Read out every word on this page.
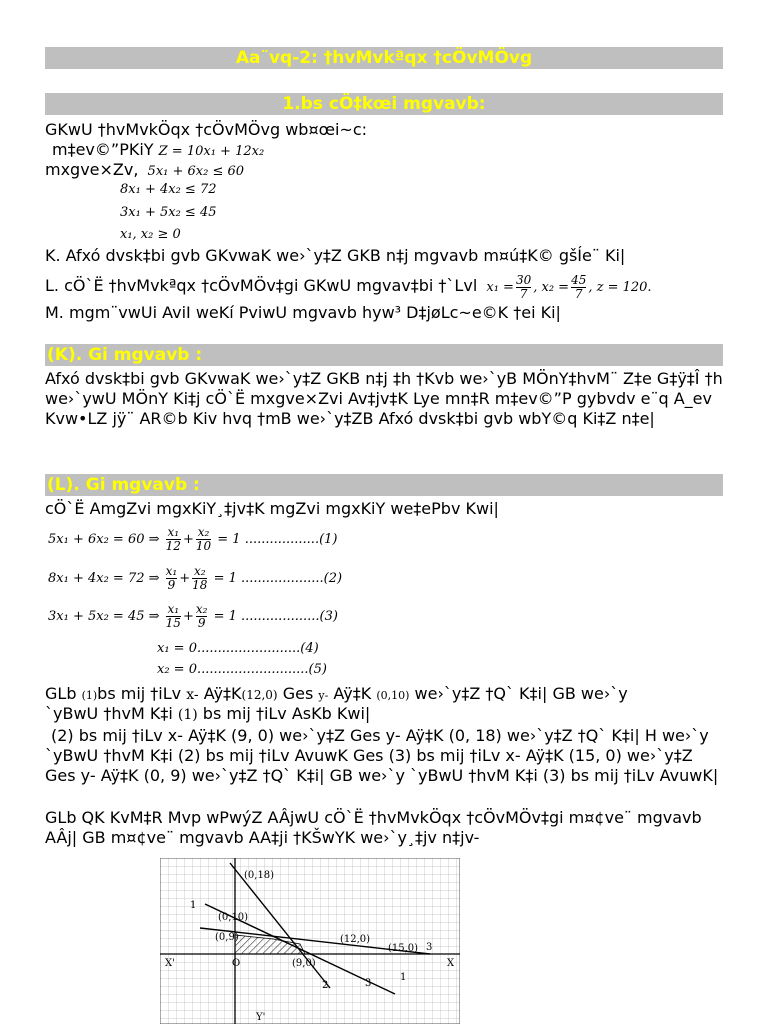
Aa¨vq-2: †hvMvkªqx †cÖvMÖvg
1.bs cÖ‡kœi mgvavb:
GKwU †hvMvkÖqx †cÖvMÖvg wb¤œi~c:
m‡ev©”PKiY Z = 10x₁ + 12x₂
mxgve×Zv, 5x₁ + 6x₂ ≤ 60
8x₁ + 4x₂ ≤ 72
3x₁ + 5x₂ ≤ 45
x₁, x₂ ≥ 0
K. Afxó dvsk‡bi gvb GKvwaK we›`y‡Z GKB n‡j mgvavb m¤ú‡K© gšÍe¨ Ki|
L. cÖ`Ë †hvMvkªqx †cÖvMÖv‡gi GKwU mgvav‡bi †`Lvl $x_1 = \frac{30}{7}$ , $x_2 = \frac{45}{7}$ , z = 120.
M. mgm¨vwUi AviI weKí PviwU mgvavb hyw³ D‡jøLc~e©K †ei Ki|
(K). Gi mgvavb :
Afxó dvsk‡bi gvb GKvwaK we›`y‡Z GKB n‡j ‡h †Kvb we›`yB MÖnY‡hvM¨ Z‡e G‡ÿ‡Î †h we›`ywU MÖnY Ki‡j cÖ`Ë mxgve×Zvi Av‡jv‡K Lye mn‡R m‡ev©”P gybvdv e¨q A_ev Kvw•LZ jÿ¨ AR©b Kiv hvq †mB we›`y‡ZB Afxó dvsk‡bi gvb wbY©q Ki‡Z n‡e|
(L). Gi mgvavb :
cÖ`Ë AmgZvi mgxKiY¸‡jv‡K mgZvi mgxKiY we‡ePbv Kwi|
5x₁ + 6x₂ = 60 ⇒ $\frac{\text{x₁}}{12} + \frac{\text{x₂}}{10} = 1$ ..................(1)
8x₁ + 4x₂ = 72 ⇒ $\frac{\text{x₁}}{9} + \frac{\text{x₂}}{18} = 1$ ....................(2)
3x₁ + 5x₂ = 45 ⇒ $\frac{\text{x₁}}{15} + \frac{\text{x₂}}{9} = 1$ ...................(3)
x₁ = 0.........................(4)
x₂ = 0...........................(5)
GLb (1)bs mij †iLv x- Aÿ‡K(12,0) Ges y- Aÿ‡K (0,10) we›`y‡Z †Q` K‡i| GB we›`y
`yBwU †hvM K‡i (1) bs mij †iLv AsKb Kwi|
(2) bs mij †iLv x- Aÿ‡K (9, 0) we›`y‡Z Ges y- Aÿ‡K (0, 18) we›`y‡Z †Q` K‡i| H we›`y `yBwU †hvM K‡i (2) bs mij †iLv AvuwK Ges (3) bs mij †iLv x- Aÿ‡K (15, 0) we›`y‡Z Ges y- Aÿ‡K (0, 9) we›`y‡Z †Q` K‡i| GB we›`y `yBwU †hvM K‡i (3) bs mij †iLv AvuwK|
GLb QK KvM‡R Mvp wPwýZ AÂjwU cÖ`Ë †hvMvkÖqx †cÖvMÖv‡gi m¤¢ve¨ mgvavb AÂj| GB m¤¢ve¨ mgvavb AA‡ji †KŠwYK we›`y¸‡jv n‡jv-
(0,18)
(0,10)
(0,9)	(12,0)
(15,0)
(9,0)
O
X'	X
Y'
1
2	3
3
1
